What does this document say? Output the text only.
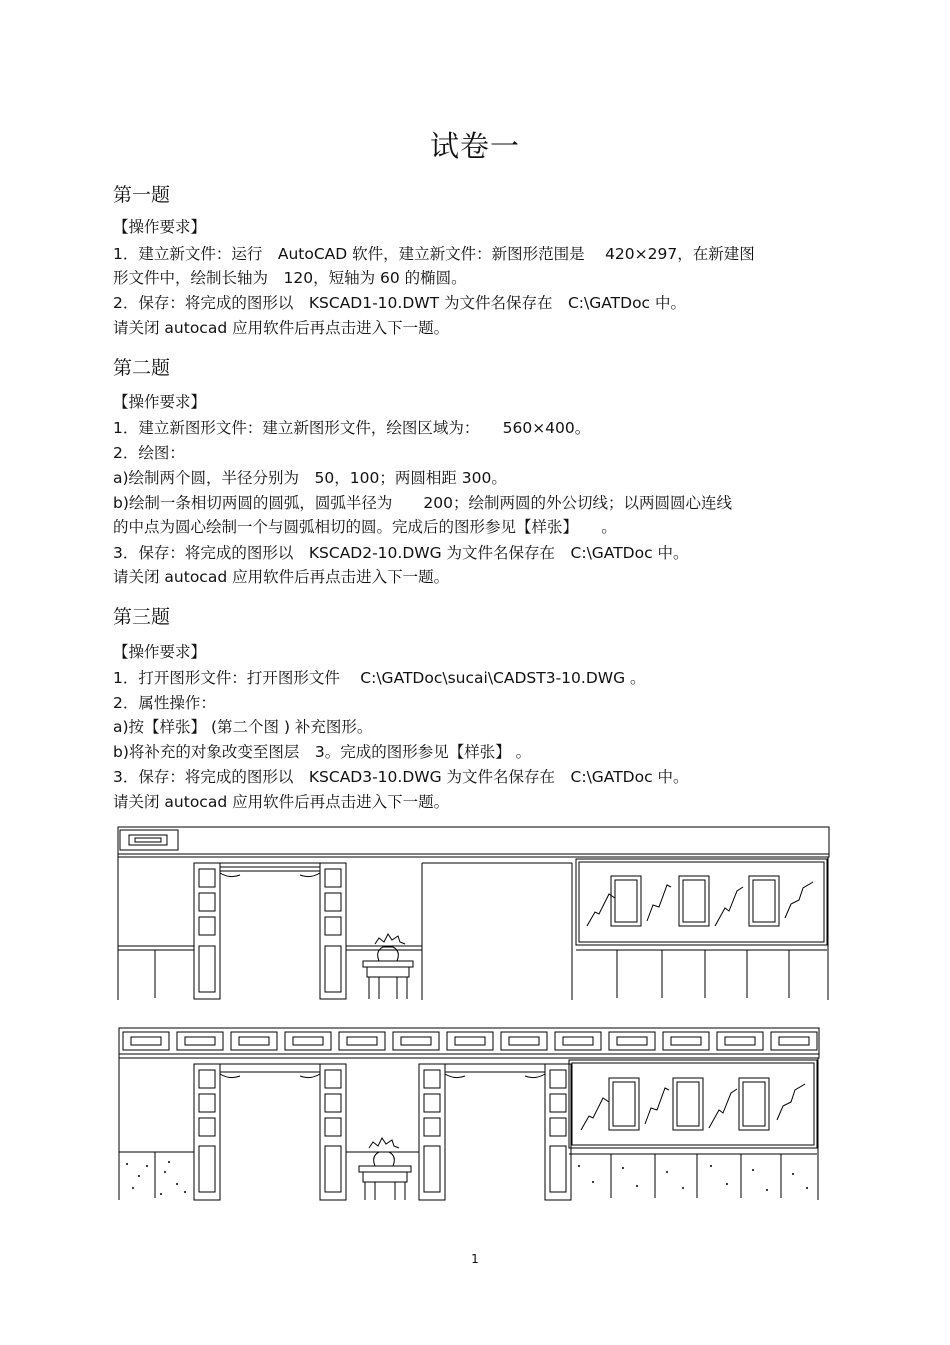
试卷一
第一题
【操作要求】
1．建立新文件：运行　AutoCAD 软件，建立新文件：新图形范围是　 420×297，在新建图
形文件中，绘制长轴为　120，短轴为 60 的椭圆。
2．保存：将完成的图形以　KSCAD1-10.DWT 为文件名保存在　C:\GATDoc 中。
请关闭 autocad 应用软件后再点击进入下一题。
第二题
【操作要求】
1．建立新图形文件：建立新图形文件，绘图区域为：　　560×400。
2．绘图：
a)绘制两个圆，半径分别为　50，100；两圆相距 300。
b)绘制一条相切两圆的圆弧，圆弧半径为　　200；绘制两圆的外公切线；以两圆圆心连线
的中点为圆心绘制一个与圆弧相切的圆。完成后的图形参见【样张】　　。
3．保存：将完成的图形以　KSCAD2-10.DWG 为文件名保存在　C:\GATDoc 中。
请关闭 autocad 应用软件后再点击进入下一题。
第三题
【操作要求】
1．打开图形文件：打开图形文件　 C:\GATDoc\sucai\CADST3-10.DWG 。
2．属性操作：
a)按【样张】 (第二个图 ) 补充图形。
b)将补充的对象改变至图层　3。完成的图形参见【样张】 。
3．保存：将完成的图形以　KSCAD3-10.DWG 为文件名保存在　C:\GATDoc 中。
请关闭 autocad 应用软件后再点击进入下一题。
1
